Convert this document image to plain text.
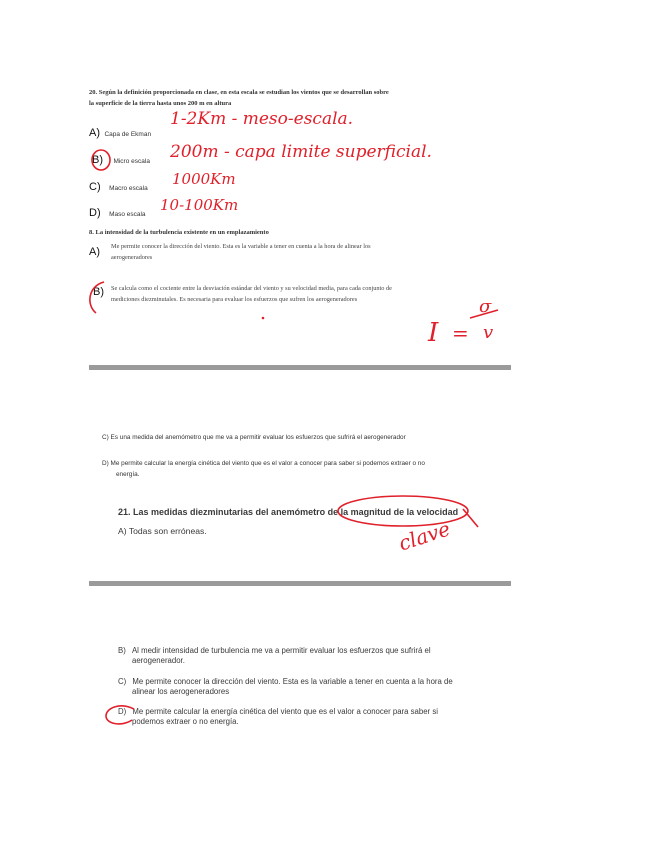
20. Según la definición proporcionada en clase, en esta escala se estudian los vientos que se desarrollan sobre
la superficie de la tierra hasta unos 200 m en altura
A) Capa de Ekman
1-2Km - meso-escala.
B) Micro escala 200m - capa limite superficial.
C) Macro escala
1000Km
D) Maso escala
10-100Km
8. La intensidad de la turbulencia existente en un emplazamiento
A) Me permite conocer la dirección del viento. Esta es la variable a tener en cuenta a la hora de alinear los
aerogeneradores
B) Se calcula como el cociente entre la desviación estándar del viento y su velocidad media, para cada conjunto de
mediciones diezminutales. Es necesaria para evaluar los esfuerzos que sufren los aerogeneradores
I =
σ
v
C) Es una medida del anemómetro que me va a permitir evaluar los esfuerzos que sufrirá el aerogenerador
D) Me permite calcular la energía cinética del viento que es el valor a conocer para saber si podemos extraer o no
energía.
21. Las medidas diezminutarias del anemómetro de la magnitud de la velocidad
A) Todas son erróneas.	clave
B) Al medir intensidad de turbulencia me va a permitir evaluar los esfuerzos que sufrirá el
aerogenerador.
C) Me permite conocer la dirección del viento. Esta es la variable a tener en cuenta a la hora de
alinear los aerogeneradores
D) Me permite calcular la energía cinética del viento que es el valor a conocer para saber si
podemos extraer o no energía.
